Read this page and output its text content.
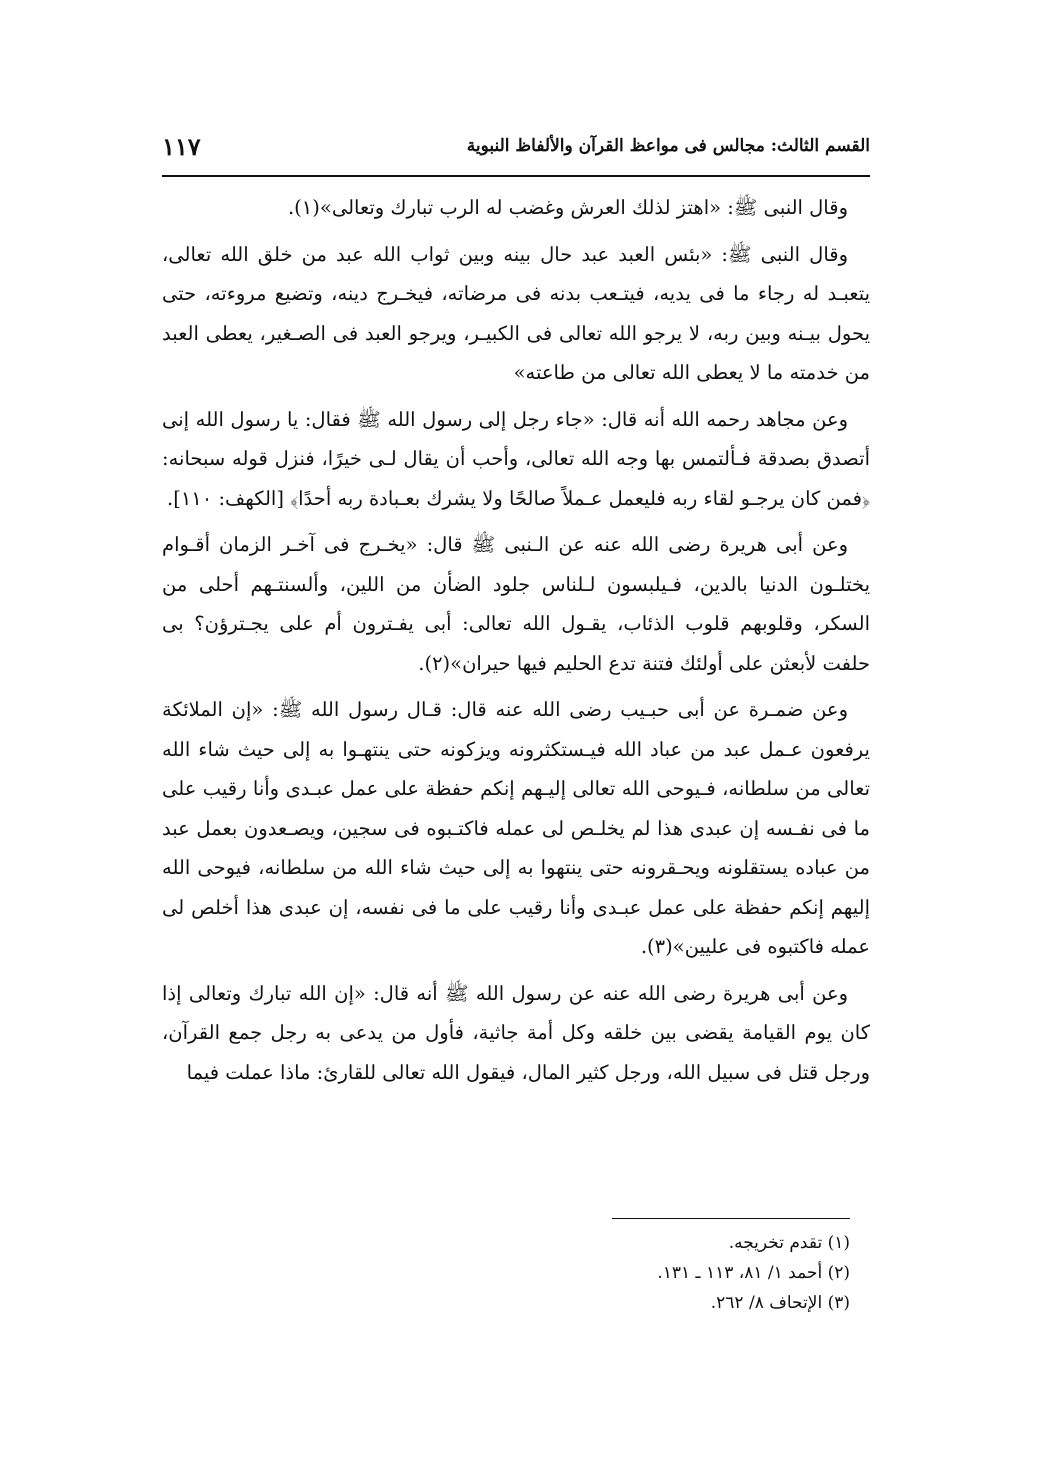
١١٧	القسم الثالث: مجالس فى مواعظ القرآن والألفاظ النبوية

وقال النبى ﷺ: «اهتز لذلك العرش وغضب له الرب تبارك وتعالى»(١).

وقال النبى ﷺ: «بئس العبد عبد حال بينه وبين ثواب الله عبد من خلق الله تعالى، يتعبـد له رجاء ما فى يديه، فيتـعب بدنه فى مرضاته، فيخـرج دينه، وتضيع مروءته، حتى يحول بيـنه وبين ربه، لا يرجو الله تعالى فى الكبيـر، ويرجو العبد فى الصـغير، يعطى العبد من خدمته ما لا يعطى الله تعالى من طاعته»

وعن مجاهد رحمه الله أنه قال: «جاء رجل إلى رسول الله ﷺ فقال: يا رسول الله إنى أتصدق بصدقة فـألتمس بها وجه الله تعالى، وأحب أن يقال لـى خيرًا، فنزل قوله سبحانه: ﴿فمن كان يرجـو لقاء ربه فليعمل عـملاً صالحًا ولا يشرك بعـبادة ربه أحدًا﴾ [الكهف: ١١٠].

وعن أبى هريرة رضى الله عنه عن الـنبى ﷺ قال: «يخـرج فى آخـر الزمان أقـوام يختلـون الدنيا بالدين، فـيلبسون لـلناس جلود الضأن من اللين، وألسنتـهم أحلى من السكر، وقلوبهم قلوب الذئاب، يقـول الله تعالى: أبى يفـترون أم على يجـترؤن؟ بى حلفت لأبعثن على أولئك فتنة تدع الحليم فيها حيران»(٢).

وعن ضمـرة عن أبى حبـيب رضى الله عنه قال: قـال رسول الله ﷺ: «إن الملائكة يرفعون عـمل عبد من عباد الله فيـستكثرونه ويزكونه حتى ينتهـوا به إلى حيث شاء الله تعالى من سلطانه، فـيوحى الله تعالى إليـهم إنكم حفظة على عمل عبـدى وأنا رقيب على ما فى نفـسه إن عبدى هذا لم يخلـص لى عمله فاكتـبوه فى سجين، ويصـعدون بعمل عبد من عباده يستقلونه ويحـقرونه حتى ينتهوا به إلى حيث شاء الله من سلطانه، فيوحى الله إليهم إنكم حفظة على عمل عبـدى وأنا رقيب على ما فى نفسه، إن عبدى هذا أخلص لى عمله فاكتبوه فى عليين»(٣).

وعن أبى هريرة رضى الله عنه عن رسول الله ﷺ أنه قال: «إن الله تبارك وتعالى إذا كان يوم القيامة يقضى بين خلقه وكل أمة جاثية، فأول من يدعى به رجل جمع القرآن، ورجل قتل فى سبيل الله، ورجل كثير المال، فيقول الله تعالى للقارئ: ماذا عملت فيما

(١) تقدم تخريجه.

(٢) أحمد ١/ ٨١، ١١٣ ـ ١٣١.

(٣) الإتحاف ٨/ ٢٦٢.
